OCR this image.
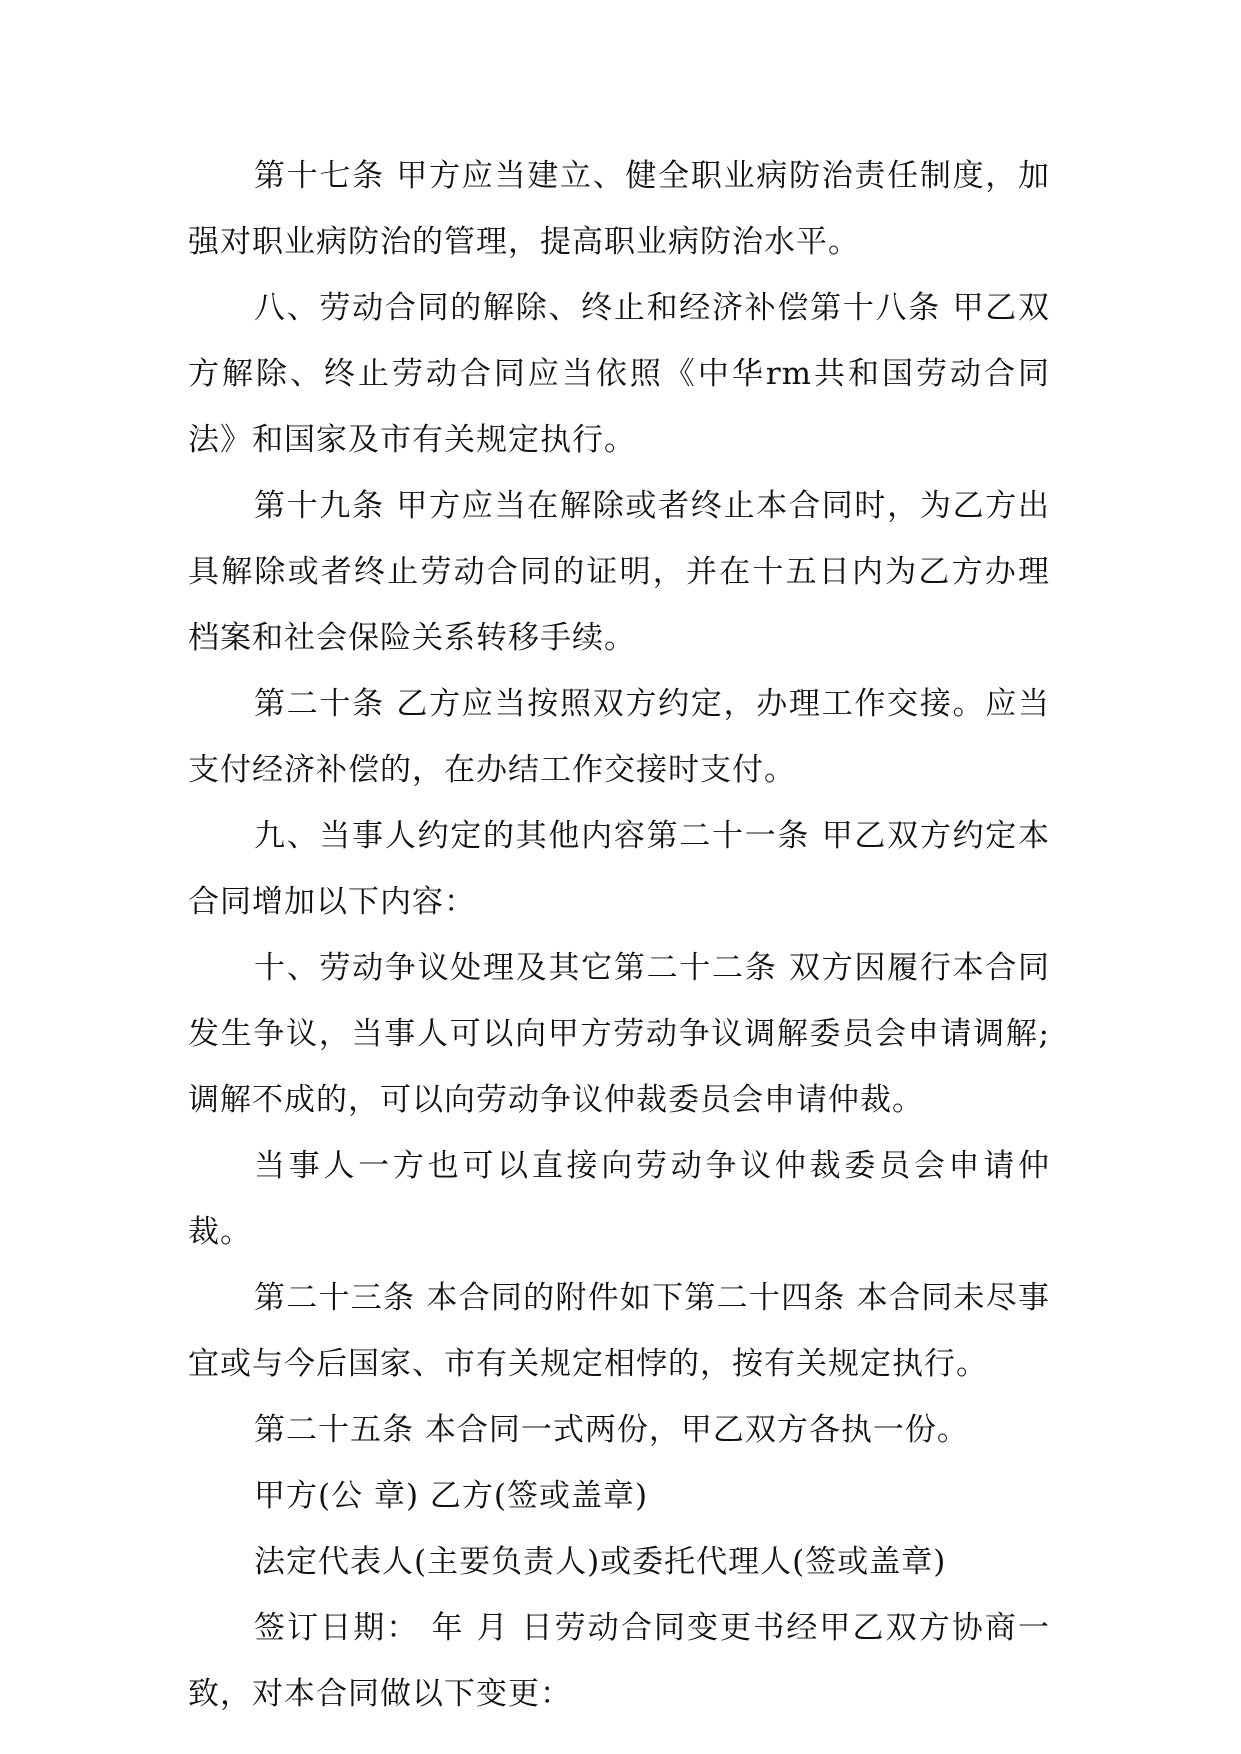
第十七条 甲方应当建立、健全职业病防治责任制度，加强对职业病防治的管理，提高职业病防治水平。

八、劳动合同的解除、终止和经济补偿第十八条 甲乙双方解除、终止劳动合同应当依照《中华rm共和国劳动合同法》和国家及市有关规定执行。

第十九条 甲方应当在解除或者终止本合同时，为乙方出具解除或者终止劳动合同的证明，并在十五日内为乙方办理档案和社会保险关系转移手续。

第二十条 乙方应当按照双方约定，办理工作交接。应当支付经济补偿的，在办结工作交接时支付。

九、当事人约定的其他内容第二十一条 甲乙双方约定本合同增加以下内容：

十、劳动争议处理及其它第二十二条 双方因履行本合同发生争议，当事人可以向甲方劳动争议调解委员会申请调解;调解不成的，可以向劳动争议仲裁委员会申请仲裁。

当事人一方也可以直接向劳动争议仲裁委员会申请仲裁。

第二十三条 本合同的附件如下第二十四条 本合同未尽事宜或与今后国家、市有关规定相悖的，按有关规定执行。

第二十五条 本合同一式两份，甲乙双方各执一份。

甲方(公 章) 乙方(签或盖章)

法定代表人(主要负责人)或委托代理人(签或盖章)

签订日期： 年 月 日劳动合同变更书经甲乙双方协商一致，对本合同做以下变更：
